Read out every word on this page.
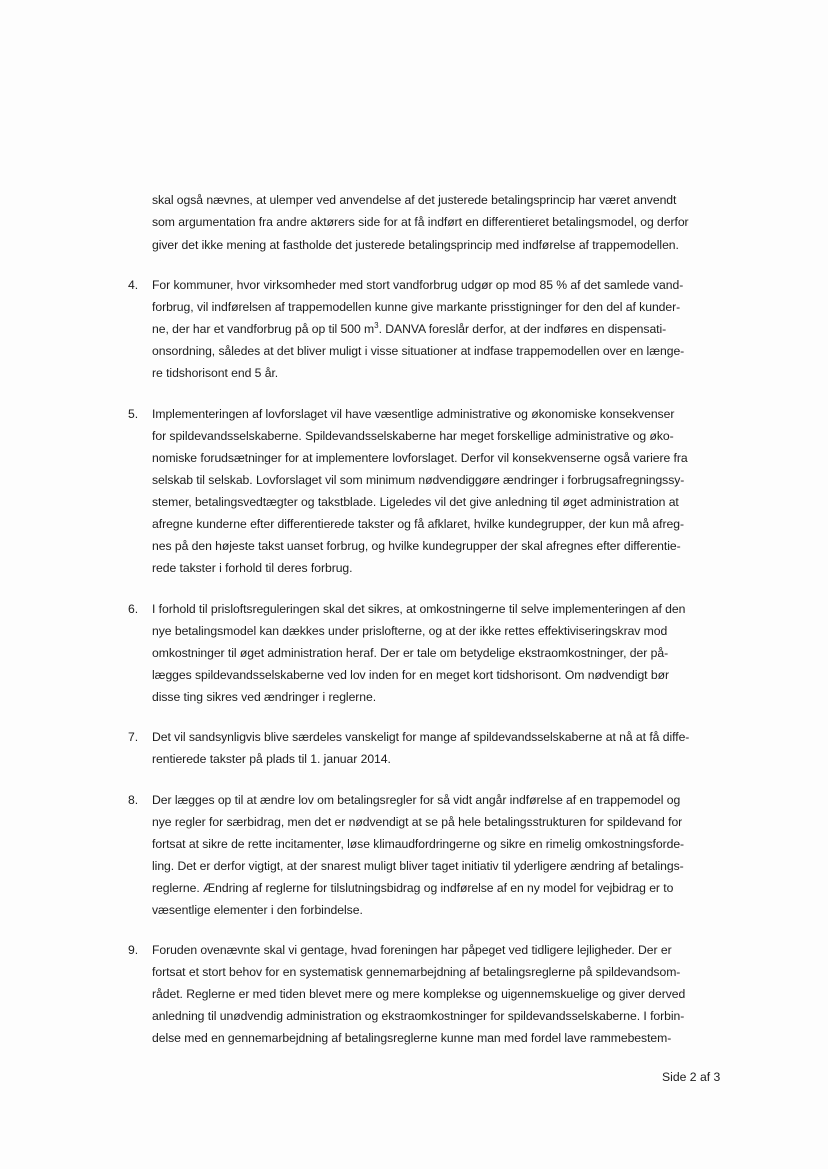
skal også nævnes, at ulemper ved anvendelse af det justerede betalingsprincip har været anvendt
som argumentation fra andre aktørers side for at få indført en differentieret betalingsmodel, og derfor
giver det ikke mening at fastholde det justerede betalingsprincip med indførelse af trappemodellen.
4. For kommuner, hvor virksomheder med stort vandforbrug udgør op mod 85 % af det samlede vand-
forbrug, vil indførelsen af trappemodellen kunne give markante prisstigninger for den del af kunder-
ne, der har et vandforbrug på op til 500 $m^3$. DANVA foreslår derfor, at der indføres en dispensati-
onsordning, således at det bliver muligt i visse situationer at indfase trappemodellen over en længe-
re tidshorisont end 5 år.
5. Implementeringen af lovforslaget vil have væsentlige administrative og økonomiske konsekvenser
for spildevandsselskaberne. Spildevandsselskaberne har meget forskellige administrative og øko-
nomiske forudsætninger for at implementere lovforslaget. Derfor vil konsekvenserne også variere fra
selskab til selskab. Lovforslaget vil som minimum nødvendiggøre ændringer i forbrugsafregningssy-
stemer, betalingsvedtægter og takstblade. Ligeledes vil det give anledning til øget administration at
afregne kunderne efter differentierede takster og få afklaret, hvilke kundegrupper, der kun må afreg-
nes på den højeste takst uanset forbrug, og hvilke kundegrupper der skal afregnes efter differentie-
rede takster i forhold til deres forbrug.
6. I forhold til prisloftsreguleringen skal det sikres, at omkostningerne til selve implementeringen af den
nye betalingsmodel kan dækkes under prislofterne, og at der ikke rettes effektiviseringskrav mod
omkostninger til øget administration heraf. Der er tale om betydelige ekstraomkostninger, der på-
lægges spildevandsselskaberne ved lov inden for en meget kort tidshorisont. Om nødvendigt bør
disse ting sikres ved ændringer i reglerne.
7. Det vil sandsynligvis blive særdeles vanskeligt for mange af spildevandsselskaberne at nå at få diffe-
rentierede takster på plads til 1. januar 2014.
8. Der lægges op til at ændre lov om betalingsregler for så vidt angår indførelse af en trappemodel og
nye regler for særbidrag, men det er nødvendigt at se på hele betalingsstrukturen for spildevand for
fortsat at sikre de rette incitamenter, løse klimaudfordringerne og sikre en rimelig omkostningsforde-
ling. Det er derfor vigtigt, at der snarest muligt bliver taget initiativ til yderligere ændring af betalings-
reglerne. Ændring af reglerne for tilslutningsbidrag og indførelse af en ny model for vejbidrag er to
væsentlige elementer i den forbindelse.
9. Foruden ovenævnte skal vi gentage, hvad foreningen har påpeget ved tidligere lejligheder. Der er
fortsat et stort behov for en systematisk gennemarbejdning af betalingsreglerne på spildevandsom-
rådet. Reglerne er med tiden blevet mere og mere komplekse og uigennemskuelige og giver derved
anledning til unødvendig administration og ekstraomkostninger for spildevandsselskaberne. I forbin-
delse med en gennemarbejdning af betalingsreglerne kunne man med fordel lave rammebestem-
Side 2 af 3
